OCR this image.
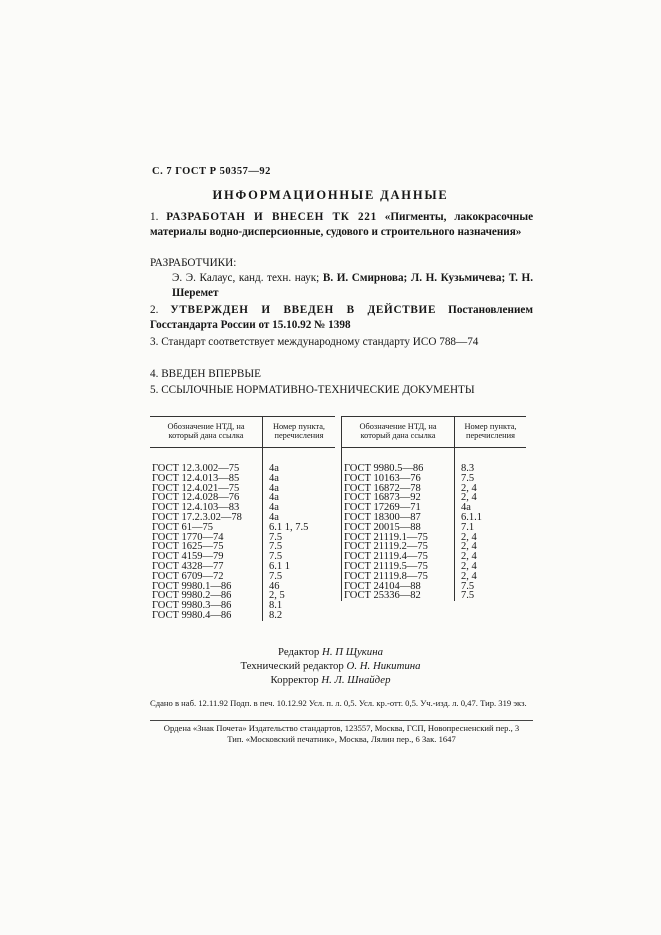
С. 7 ГОСТ Р 50357—92
ИНФОРМАЦИОННЫЕ ДАННЫЕ
1. РАЗРАБОТАН И ВНЕСЕН ТК 221 «Пигменты, лакокрасочные материалы водно-дисперсионные, судового и строительного назначения»
РАЗРАБОТЧИКИ:
Э. Э. Калаус, канд. техн. наук; В. И. Смирнова; Л. Н. Кузьмичева; Т. Н. Шеремет
2. УТВЕРЖДЕН И ВВЕДЕН В ДЕЙСТВИЕ Постановлением Госстандарта России от 15.10.92 № 1398
3. Стандарт соответствует международному стандарту ИСО 788—74
4. ВВЕДЕН ВПЕРВЫЕ
5. ССЫЛОЧНЫЕ НОРМАТИВНО-ТЕХНИЧЕСКИЕ ДОКУМЕНТЫ
Обозначение НТД, на который дана ссылка	Номер пункта, перечисления
ГОСТ 12.3.002—75	4а
ГОСТ 12.4.013—85	4а
ГОСТ 12.4.021—75	4а
ГОСТ 12.4.028—76	4а
ГОСТ 12.4.103—83	4а
ГОСТ 17.2.3.02—78	4а
ГОСТ 61—75	6.1 1, 7.5
ГОСТ 1770—74	7.5
ГОСТ 1625—75	7.5
ГОСТ 4159—79	7.5
ГОСТ 4328—77	6.1 1
ГОСТ 6709—72	7.5
ГОСТ 9980.1—86	46
ГОСТ 9980.2—86	2, 5
ГОСТ 9980.3—86	8.1
ГОСТ 9980.4—86	8.2
Обозначение НТД, на который дана ссылка	Номер пункта, перечисления
ГОСТ 9980.5—86	8.3
ГОСТ 10163—76	7.5
ГОСТ 16872—78	2, 4
ГОСТ 16873—92	2, 4
ГОСТ 17269—71	4а
ГОСТ 18300—87	6.1.1
ГОСТ 20015—88	7.1
ГОСТ 21119.1—75	2, 4
ГОСТ 21119.2—75	2, 4
ГОСТ 21119.4—75	2, 4
ГОСТ 21119.5—75	2, 4
ГОСТ 21119.8—75	2, 4
ГОСТ 24104—88	7.5
ГОСТ 25336—82	7.5
Редактор Н. П Щукина
Технический редактор О. Н. Никитина
Корректор Н. Л. Шнайдер
Сдано в наб. 12.11.92 Подп. в печ. 10.12.92 Усл. п. л. 0,5. Усл. кр.-отт. 0,5. Уч.-изд. л. 0,47. Тир. 319 экз.
Ордена «Знак Почета» Издательство стандартов, 123557, Москва, ГСП, Новопресненский пер., 3
Тип. «Московский печатник», Москва, Лялин пер., 6 Зак. 1647
